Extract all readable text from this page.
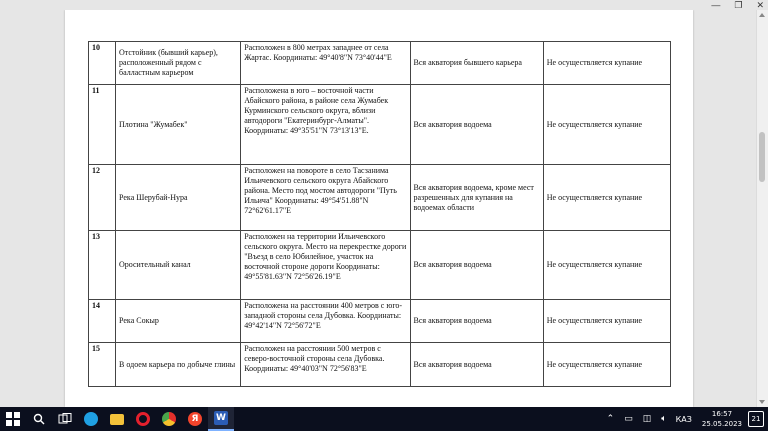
— ❐ ✕
10	Отстойник (бывший карьер), расположенный рядом с балластным карьером	Расположен в 800 метрах западнее от села Жартас. Координаты: 49°40'8"N 73°40'44"E	Вся акватория бывшего карьера	Не осуществляется купание
11	Плотина "Жумабек"	Расположена в юго – восточной части Абайского района, в районе села Жумабек Курминского сельского округа, вблизи автодороги "Екатеринбург-Алматы". Координаты: 49°35'51"N 73°13'13"E.	Вся акватория водоема	Не осуществляется купание
12	Река Шерубай-Нура	Расположен на повороте в село Тасзанима Ильичевского сельского округа Абайского района. Место под мостом автодороги "Путь Ильича" Координаты: 49°54'51.88"N 72°62'61.17"E	Вся акватория водоема, кроме мест разрешенных для купания на водоемах области	Не осуществляется купание
13	Оросительный канал	Расположен на территории Ильичевского сельского округа. Место на перекрестке дороги "Въезд в село Юбилейное, участок на восточной стороне дороги Координаты: 49°55'81.63"N 72°56'26.19"E	Вся акватория водоема	Не осуществляется купание
14	Река Сокыр	Расположена на расстоянии 400 метров с юго-западной стороны села Дубовка. Координаты: 49°42'14"N 72°56'72"E	Вся акватория водоема	Не осуществляется купание
15	В одоем карьера по добыче глины	Расположен на расстоянии 500 метров с северо-восточной стороны села Дубовка. Координаты: 49°40'03"N 72°56'83"E	Вся акватория водоема	Не осуществляется купание
Я	W	⌃ ▭ ◫ 🔈︎ КАЗ
16:57
25.05.2023
21
